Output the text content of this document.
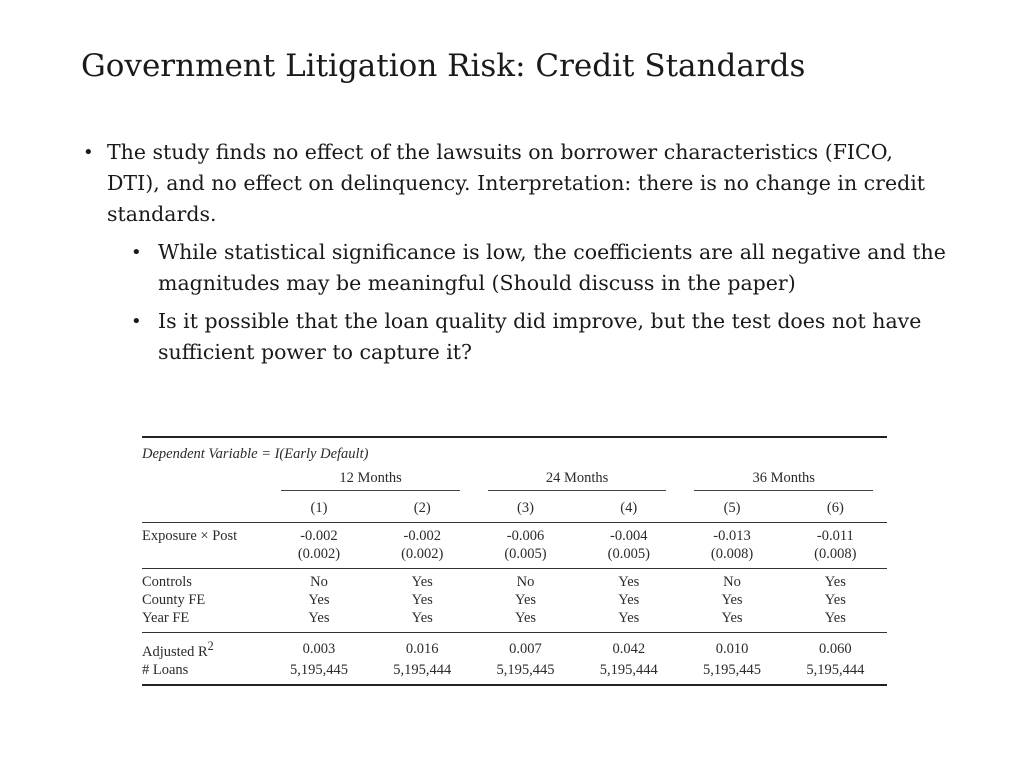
Government Litigation Risk: Credit Standards

• The study finds no effect of the lawsuits on borrower characteristics (FICO, DTI), and no effect on delinquency. Interpretation: there is no change in credit standards.

• While statistical significance is low, the coefficients are all negative and the magnitudes may be meaningful (Should discuss in the paper)

• Is it possible that the loan quality did improve, but the test does not have sufficient power to capture it?

Dependent Variable = I(Early Default)						

	12 Months		24 Months		36 Months	

	(1)	(2)	(3)	(4)	(5)	(6)
Exposure × Post	-0.002	-0.002	-0.006	-0.004	-0.013	-0.011
	(0.002)	(0.002)	(0.005)	(0.005)	(0.008)	(0.008)
Controls	No	Yes	No	Yes	No	Yes
County FE	Yes	Yes	Yes	Yes	Yes	Yes
Year FE	Yes	Yes	Yes	Yes	Yes	Yes
Adjusted $R^2$	0.003	0.016	0.007	0.042	0.010	0.060
# Loans	5,195,445	5,195,444	5,195,445	5,195,444	5,195,445	5,195,444
